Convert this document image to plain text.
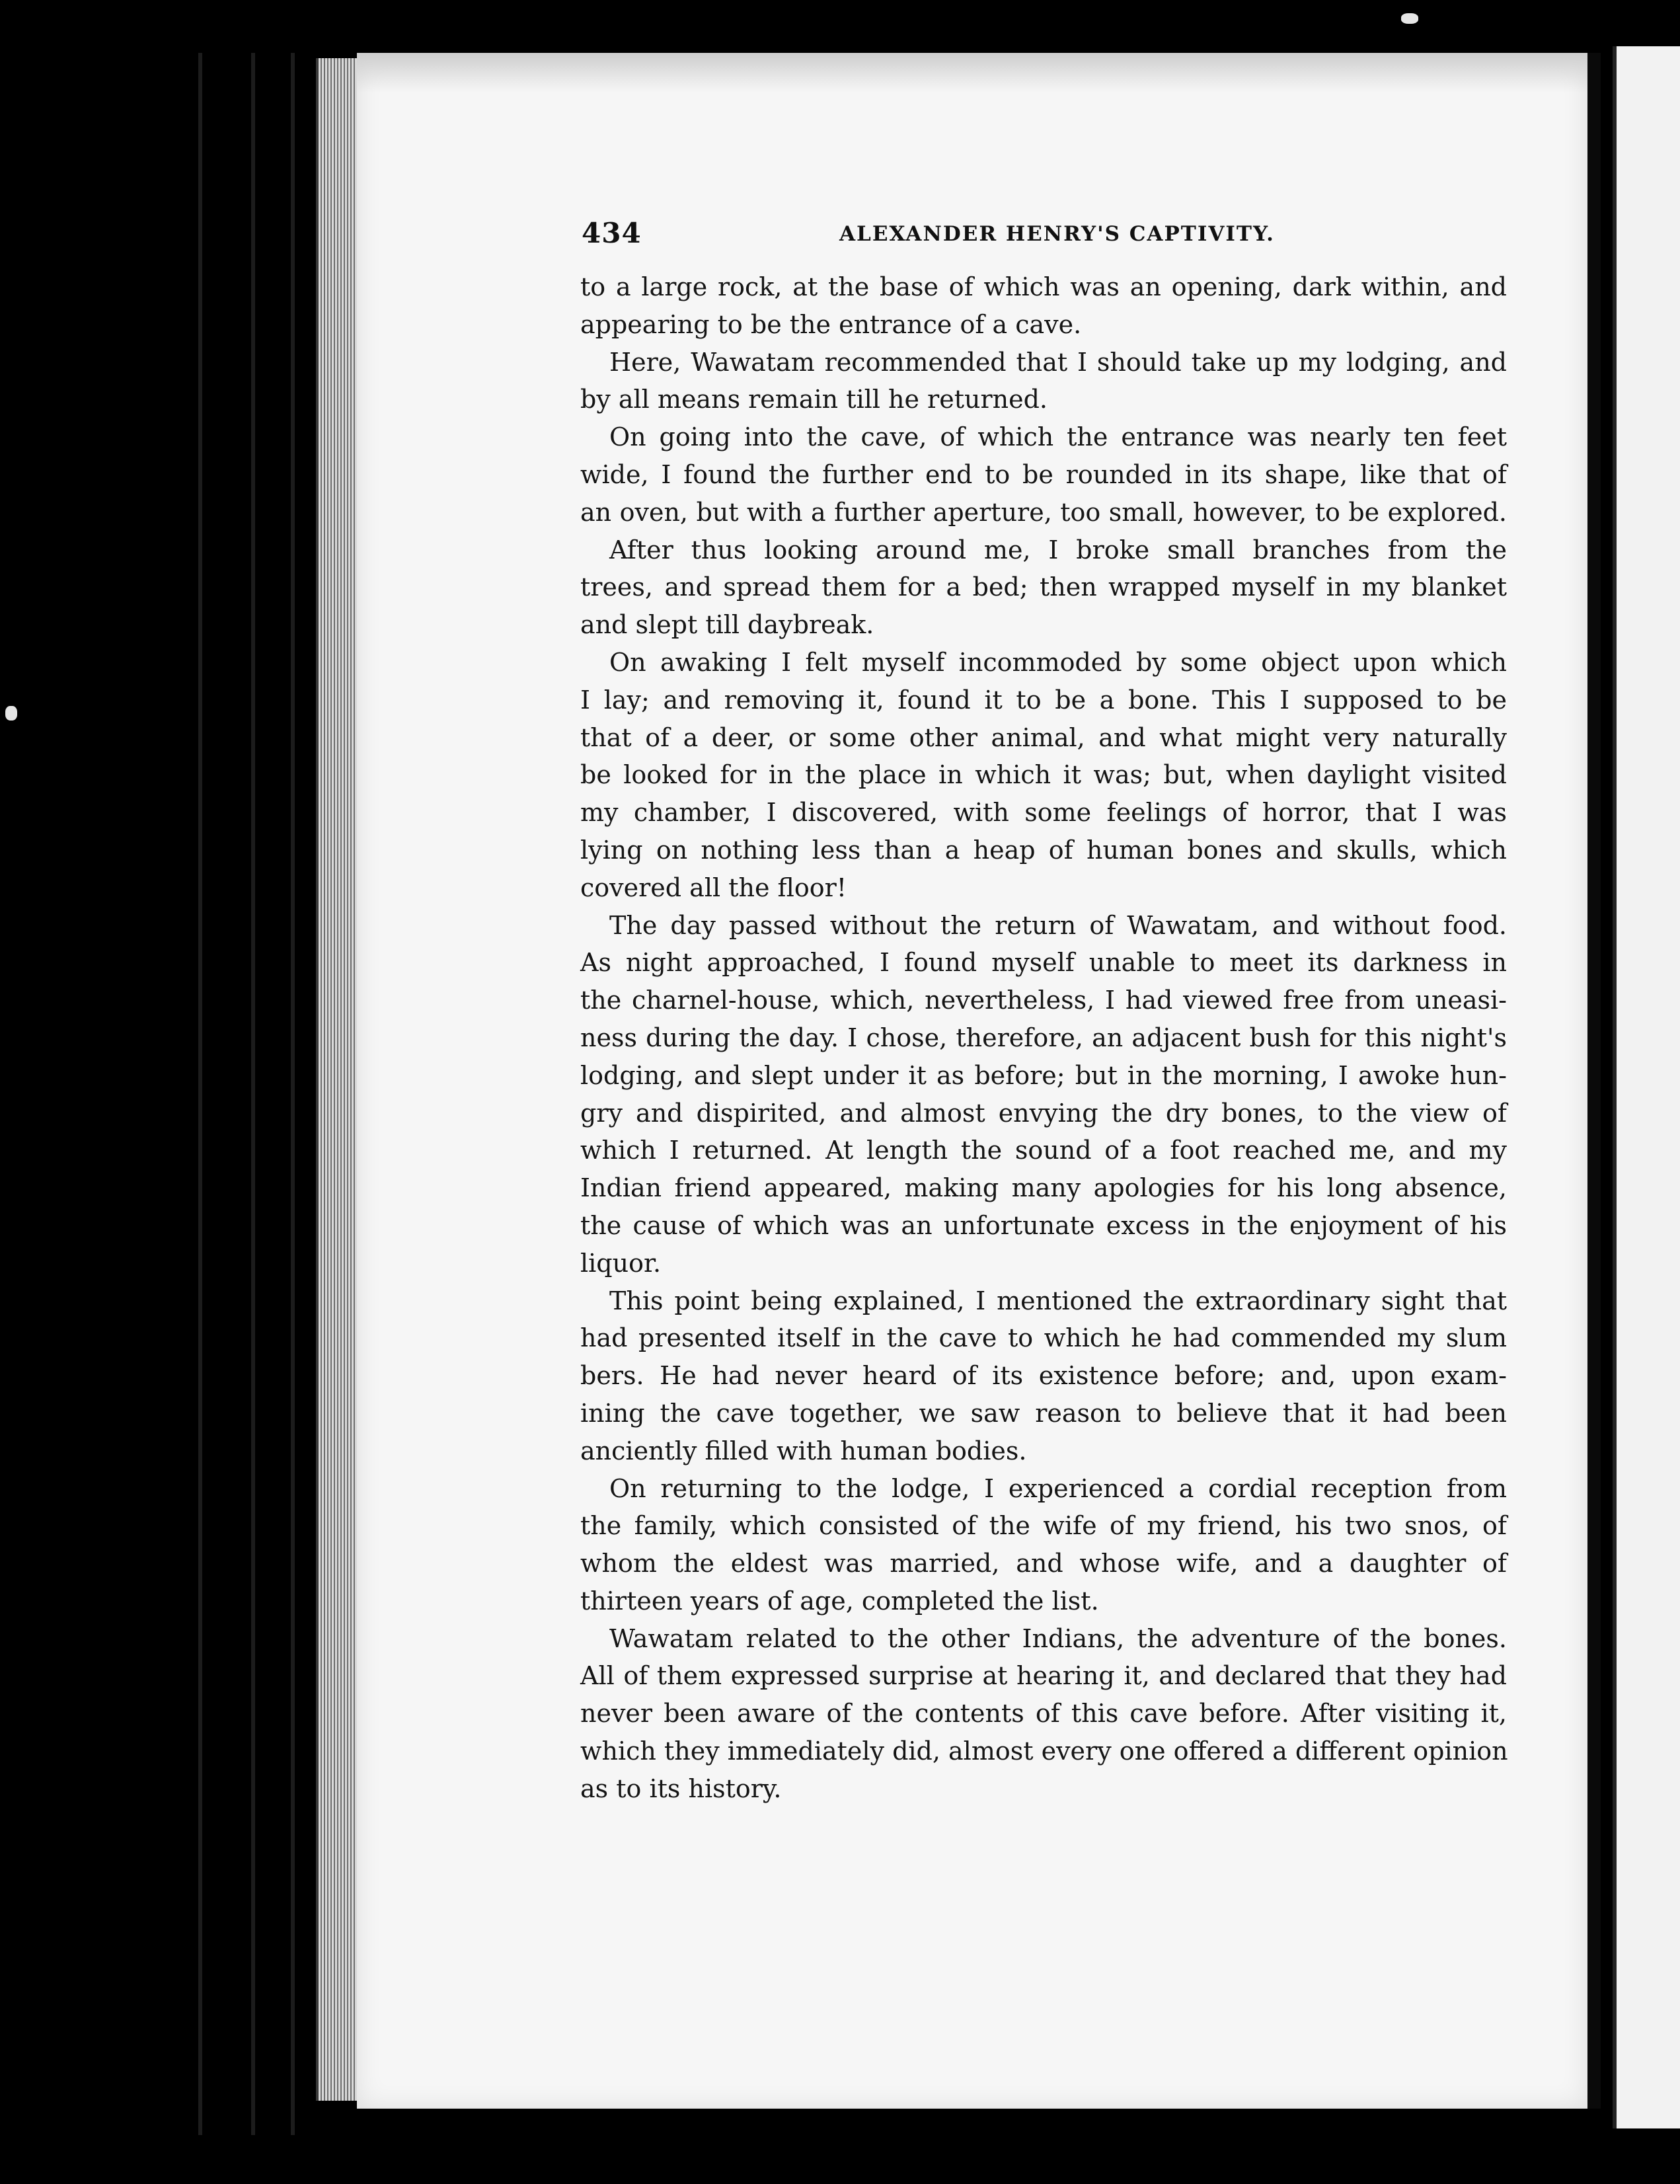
434	ALEXANDER HENRY'S CAPTIVITY.
to a large rock, at the base of which was an opening, dark within, and
appearing to be the entrance of a cave.
Here, Wawatam recommended that I should take up my lodging, and
by all means remain till he returned.
On going into the cave, of which the entrance was nearly ten feet
wide, I found the further end to be rounded in its shape, like that of
an oven, but with a further aperture, too small, however, to be explored.
After thus looking around me, I broke small branches from the
trees, and spread them for a bed; then wrapped myself in my blanket
and slept till daybreak.
On awaking I felt myself incommoded by some object upon which
I lay; and removing it, found it to be a bone. This I supposed to be
that of a deer, or some other animal, and what might very naturally
be looked for in the place in which it was; but, when daylight visited
my chamber, I discovered, with some feelings of horror, that I was
lying on nothing less than a heap of human bones and skulls, which
covered all the floor!
The day passed without the return of Wawatam, and without food.
As night approached, I found myself unable to meet its darkness in
the charnel-house, which, nevertheless, I had viewed free from uneasi-
ness during the day. I chose, therefore, an adjacent bush for this night's
lodging, and slept under it as before; but in the morning, I awoke hun-
gry and dispirited, and almost envying the dry bones, to the view of
which I returned. At length the sound of a foot reached me, and my
Indian friend appeared, making many apologies for his long absence,
the cause of which was an unfortunate excess in the enjoyment of his
liquor.
This point being explained, I mentioned the extraordinary sight that
had presented itself in the cave to which he had commended my slum
bers. He had never heard of its existence before; and, upon exam-
ining the cave together, we saw reason to believe that it had been
anciently filled with human bodies.
On returning to the lodge, I experienced a cordial reception from
the family, which consisted of the wife of my friend, his two snos, of
whom the eldest was married, and whose wife, and a daughter of
thirteen years of age, completed the list.
Wawatam related to the other Indians, the adventure of the bones.
All of them expressed surprise at hearing it, and declared that they had
never been aware of the contents of this cave before. After visiting it,
which they immediately did, almost every one offered a different opinion
as to its history.
